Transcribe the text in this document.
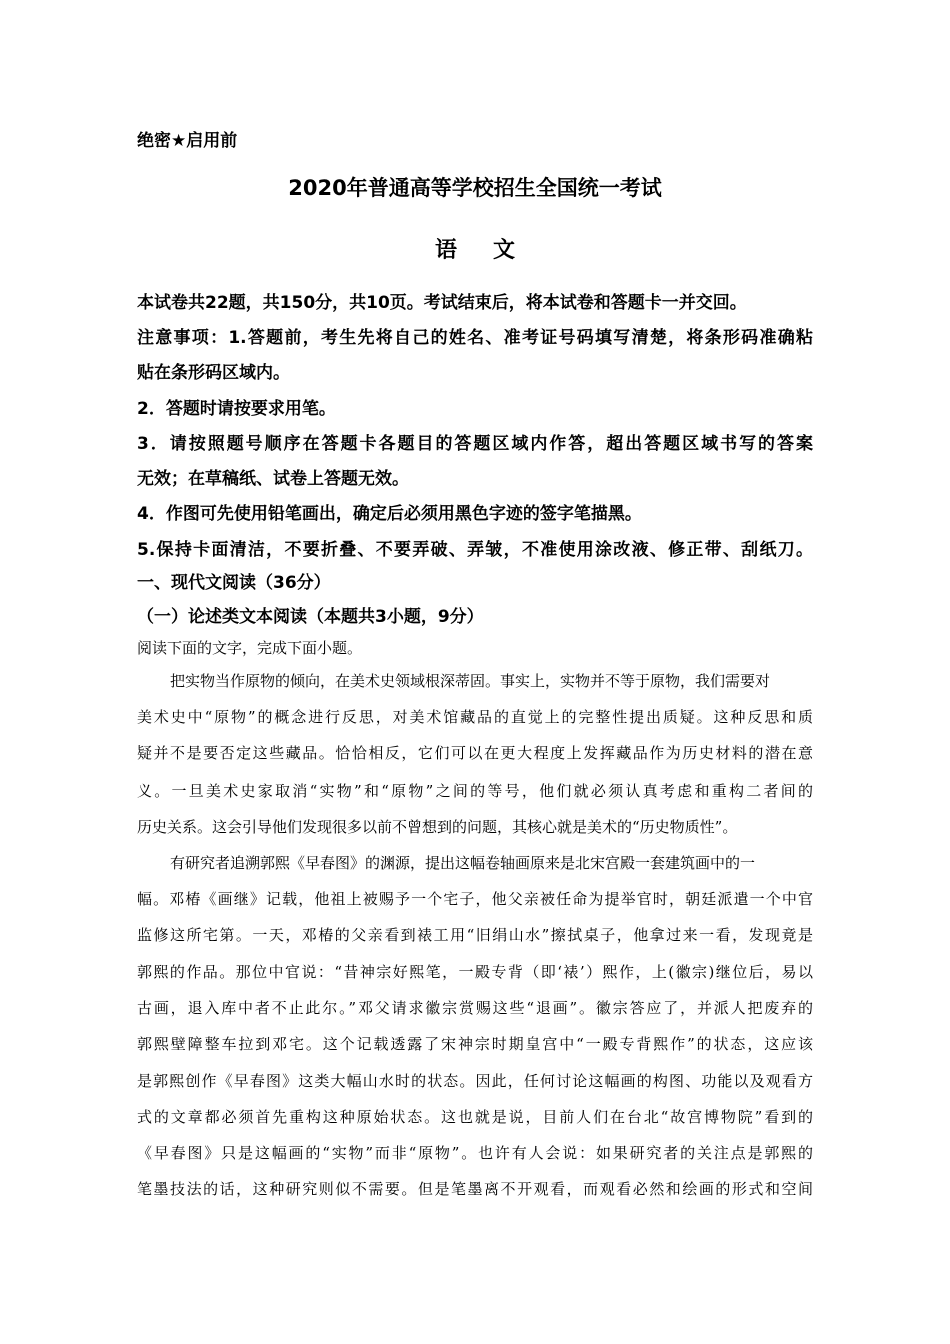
绝密★启用前
2020年普通高等学校招生全国统一考试
语文
本试卷共22题，共150分，共10页。考试结束后，将本试卷和答题卡一并交回。
注意事项：1.答题前，考生先将自己的姓名、准考证号码填写清楚，将条形码准确粘
贴在条形码区域内。
2．答题时请按要求用笔。
3．请按照题号顺序在答题卡各题目的答题区域内作答，超出答题区域书写的答案
无效；在草稿纸、试卷上答题无效。
4．作图可先使用铅笔画出，确定后必须用黑色字迹的签字笔描黑。
5.保持卡面清洁，不要折叠、不要弄破、弄皱，不准使用涂改液、修正带、刮纸刀。
一、现代文阅读（36分）
（一）论述类文本阅读（本题共3小题，9分）
阅读下面的文字，完成下面小题。
把实物当作原物的倾向，在美术史领域根深蒂固。事实上，实物并不等于原物，我们需要对
美术史中“原物”的概念进行反思，对美术馆藏品的直觉上的完整性提出质疑。这种反思和质
疑并不是要否定这些藏品。恰恰相反，它们可以在更大程度上发挥藏品作为历史材料的潜在意
义。一旦美术史家取消“实物”和“原物”之间的等号，他们就必须认真考虑和重构二者间的
历史关系。这会引导他们发现很多以前不曾想到的问题，其核心就是美术的“历史物质性”。
有研究者追溯郭熙《早春图》的渊源，提出这幅卷轴画原来是北宋宫殿一套建筑画中的一
幅。邓椿《画继》记载，他祖上被赐予一个宅子，他父亲被任命为提举官时，朝廷派遣一个中官
监修这所宅第。一天，邓椿的父亲看到裱工用“旧绢山水”擦拭桌子，他拿过来一看，发现竟是
郭熙的作品。那位中官说：“昔神宗好熙笔，一殿专背（即‘裱’）熙作，上(徽宗)继位后，易以
古画，退入库中者不止此尔。”邓父请求徽宗赏赐这些“退画”。徽宗答应了，并派人把废弃的
郭熙壁障整车拉到邓宅。这个记载透露了宋神宗时期皇宫中“一殿专背熙作”的状态，这应该
是郭熙创作《早春图》这类大幅山水时的状态。因此，任何讨论这幅画的构图、功能以及观看方
式的文章都必须首先重构这种原始状态。这也就是说，目前人们在台北“故宫博物院”看到的
《早春图》只是这幅画的“实物”而非“原物”。也许有人会说：如果研究者的关注点是郭熙的
笔墨技法的话，这种研究则似不需要。但是笔墨离不开观看，而观看必然和绘画的形式和空间
